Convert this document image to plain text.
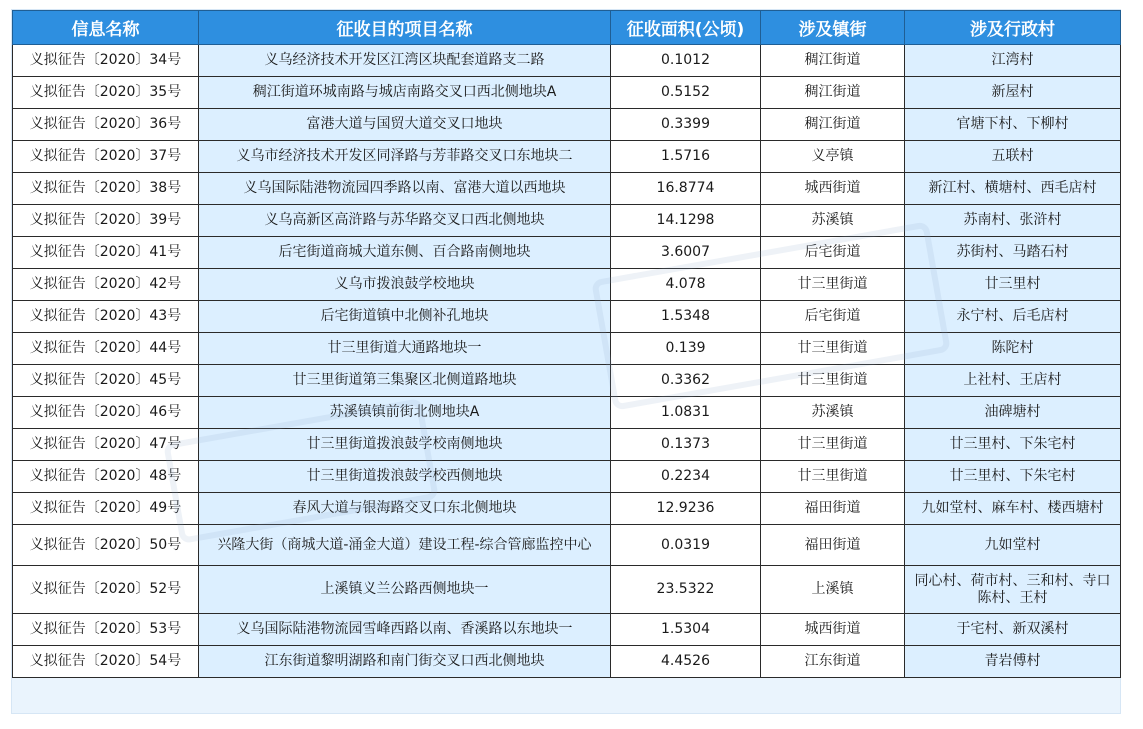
信息名称	征收目的项目名称	征收面积(公顷)	涉及镇街	涉及行政村
义拟征告〔2020〕34号	义乌经济技术开发区江湾区块配套道路支二路	0.1012	稠江街道	江湾村
义拟征告〔2020〕35号	稠江街道环城南路与城店南路交叉口西北侧地块A	0.5152	稠江街道	新屋村
义拟征告〔2020〕36号	富港大道与国贸大道交叉口地块	0.3399	稠江街道	官塘下村、下柳村
义拟征告〔2020〕37号	义乌市经济技术开发区同泽路与芳菲路交叉口东地块二	1.5716	义亭镇	五联村
义拟征告〔2020〕38号	义乌国际陆港物流园四季路以南、富港大道以西地块	16.8774	城西街道	新江村、横塘村、西毛店村
义拟征告〔2020〕39号	义乌高新区高浒路与苏华路交叉口西北侧地块	14.1298	苏溪镇	苏南村、张浒村
义拟征告〔2020〕41号	后宅街道商城大道东侧、百合路南侧地块	3.6007	后宅街道	苏街村、马踏石村
义拟征告〔2020〕42号	义乌市拨浪鼓学校地块	4.078	廿三里街道	廿三里村
义拟征告〔2020〕43号	后宅街道镇中北侧补孔地块	1.5348	后宅街道	永宁村、后毛店村
义拟征告〔2020〕44号	廿三里街道大通路地块一	0.139	廿三里街道	陈陀村
义拟征告〔2020〕45号	廿三里街道第三集聚区北侧道路地块	0.3362	廿三里街道	上社村、王店村
义拟征告〔2020〕46号	苏溪镇镇前街北侧地块A	1.0831	苏溪镇	油碑塘村
义拟征告〔2020〕47号	廿三里街道拨浪鼓学校南侧地块	0.1373	廿三里街道	廿三里村、下朱宅村
义拟征告〔2020〕48号	廿三里街道拨浪鼓学校西侧地块	0.2234	廿三里街道	廿三里村、下朱宅村
义拟征告〔2020〕49号	春风大道与银海路交叉口东北侧地块	12.9236	福田街道	九如堂村、麻车村、楼西塘村
义拟征告〔2020〕50号	兴隆大街（商城大道-涌金大道）建设工程-综合管廊监控中心	0.0319	福田街道	九如堂村
义拟征告〔2020〕52号	上溪镇义兰公路西侧地块一	23.5322	上溪镇	同心村、荷市村、三和村、寺口陈村、王村
义拟征告〔2020〕53号	义乌国际陆港物流园雪峰西路以南、香溪路以东地块一	1.5304	城西街道	于宅村、新双溪村
义拟征告〔2020〕54号	江东街道黎明湖路和南门街交叉口西北侧地块	4.4526	江东街道	青岩傅村
